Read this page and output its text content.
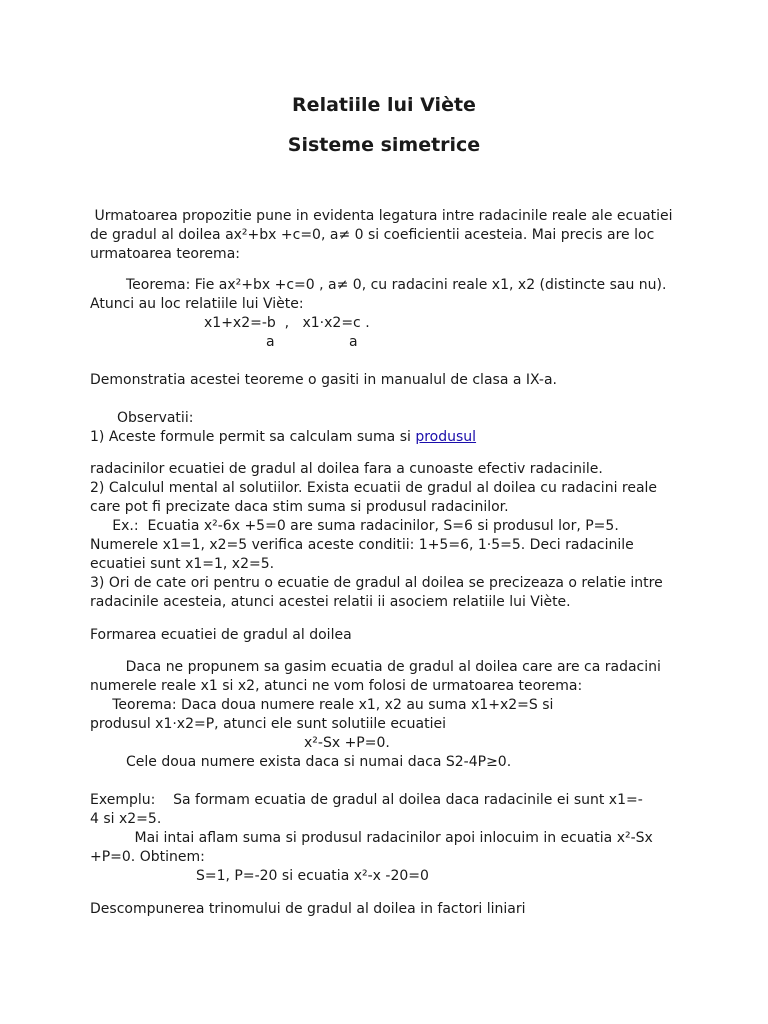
Relatiile lui Viète
Sisteme simetrice
Urmatoarea propozitie pune in evidenta legatura intre radacinile reale ale ecuatiei
de gradul al doilea ax²+bx +c=0, a≠ 0 si coeficientii acesteia. Mai precis are loc
urmatoarea teorema:
Teorema: Fie ax²+bx +c=0 , a≠ 0, cu radacini reale x1, x2 (distincte sau nu).
Atunci au loc relatiile lui Viète:
x1+x2=-b  ,   x1·x2=c .
a	a
Demonstratia acestei teoreme o gasiti in manualul de clasa a IX-a.
Observatii:
1) Aceste formule permit sa calculam suma si produsul
radacinilor ecuatiei de gradul al doilea fara a cunoaste efectiv radacinile.
2) Calculul mental al solutiilor. Exista ecuatii de gradul al doilea cu radacini reale
care pot fi precizate daca stim suma si produsul radacinilor.
Ex.:  Ecuatia x²-6x +5=0 are suma radacinilor, S=6 si produsul lor, P=5.
Numerele x1=1, x2=5 verifica aceste conditii: 1+5=6, 1·5=5. Deci radacinile
ecuatiei sunt x1=1, x2=5.
3) Ori de cate ori pentru o ecuatie de gradul al doilea se precizeaza o relatie intre
radacinile acesteia, atunci acestei relatii ii asociem relatiile lui Viète.
Formarea ecuatiei de gradul al doilea
Daca ne propunem sa gasim ecuatia de gradul al doilea care are ca radacini
numerele reale x1 si x2, atunci ne vom folosi de urmatoarea teorema:
Teorema: Daca doua numere reale x1, x2 au suma x1+x2=S si
produsul x1·x2=P, atunci ele sunt solutiile ecuatiei
x²-Sx +P=0.
Cele doua numere exista daca si numai daca S2-4P≥0.
Exemplu:    Sa formam ecuatia de gradul al doilea daca radacinile ei sunt x1=-
4 si x2=5.
Mai intai aflam suma si produsul radacinilor apoi inlocuim in ecuatia x²-Sx
+P=0. Obtinem:
S=1, P=-20 si ecuatia x²-x -20=0
Descompunerea trinomului de gradul al doilea in factori liniari
